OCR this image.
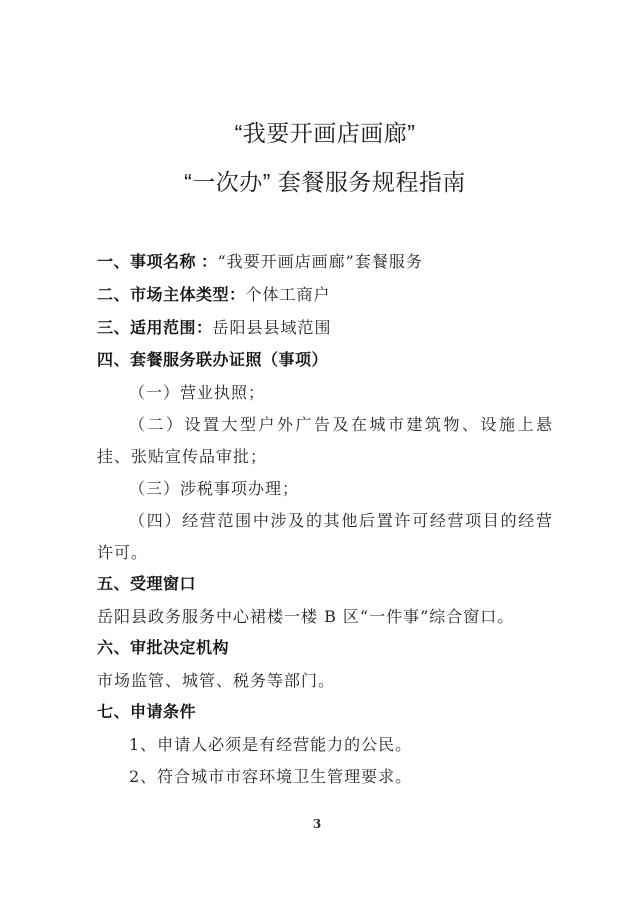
“我要开画店画廊”
“一次办” 套餐服务规程指南

一、事项名称 ：“我要开画店画廊”套餐服务

二、市场主体类型：个体工商户

三、适用范围：岳阳县县域范围

四、套餐服务联办证照（事项）

（一）营业执照；

（二）设置大型户外广告及在城市建筑物、设施上悬挂、张贴宣传品审批；

（三）涉税事项办理；

（四）经营范围中涉及的其他后置许可经营项目的经营许可。

五、受理窗口

岳阳县政务服务中心裙楼一楼 B 区“一件事”综合窗口。

六、审批决定机构

市场监管、城管、税务等部门。

七、申请条件

1、申请人必须是有经营能力的公民。

2、符合城市市容环境卫生管理要求。

3
